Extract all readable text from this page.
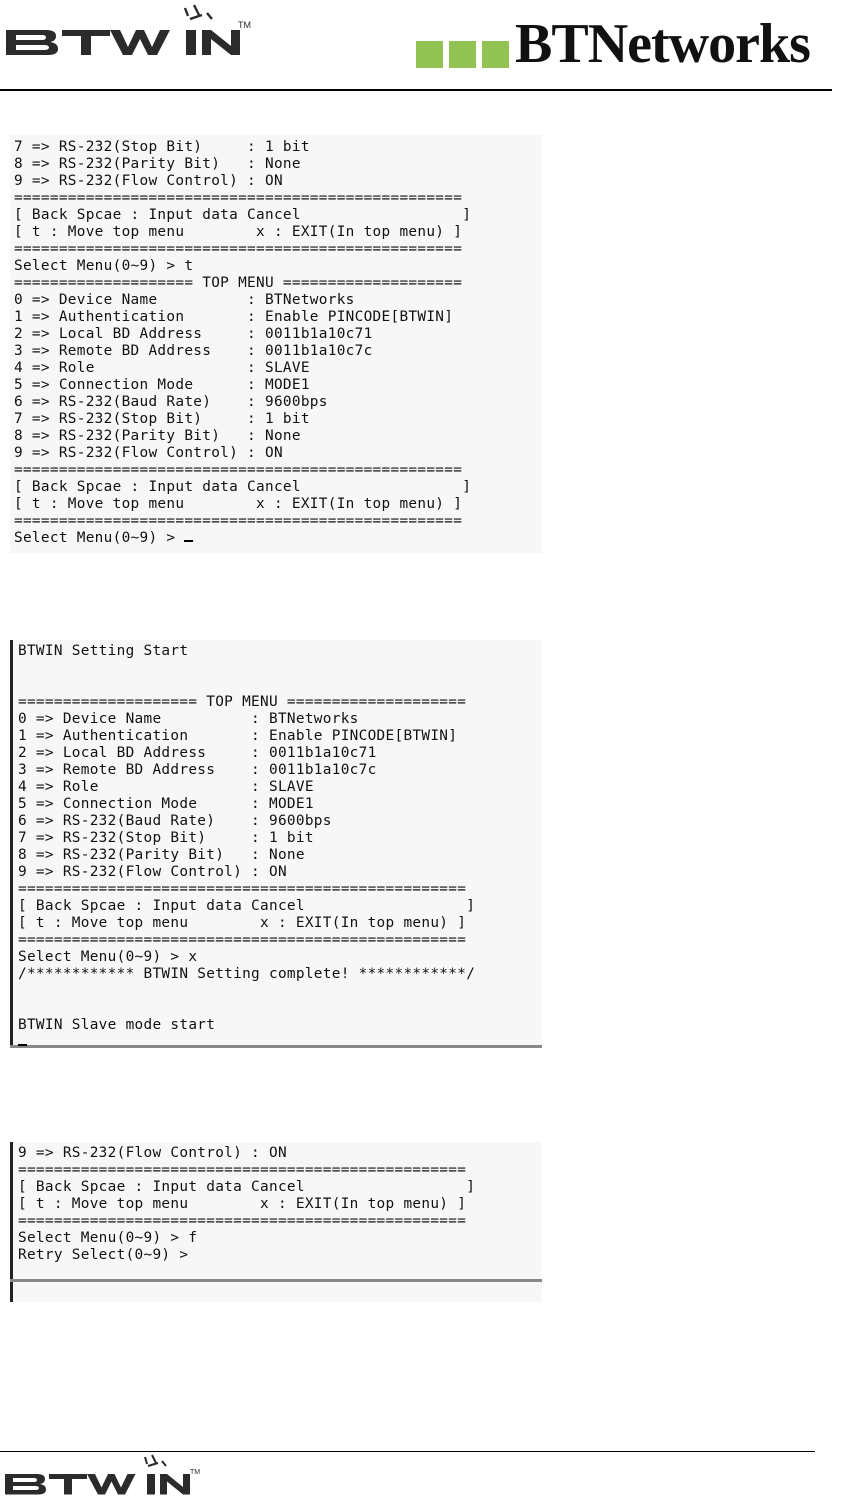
TM	BTNetworks
7 => RS-232(Stop Bit)     : 1 bit
8 => RS-232(Parity Bit)   : None
9 => RS-232(Flow Control) : ON
==================================================
[ Back Spcae : Input data Cancel                  ]
[ t : Move top menu        x : EXIT(In top menu) ]
==================================================
Select Menu(0~9) > t
==================== TOP MENU ====================
0 => Device Name          : BTNetworks
1 => Authentication       : Enable PINCODE[BTWIN]
2 => Local BD Address     : 0011b1a10c71
3 => Remote BD Address    : 0011b1a10c7c
4 => Role                 : SLAVE
5 => Connection Mode      : MODE1
6 => RS-232(Baud Rate)    : 9600bps
7 => RS-232(Stop Bit)     : 1 bit
8 => RS-232(Parity Bit)   : None
9 => RS-232(Flow Control) : ON
==================================================
[ Back Spcae : Input data Cancel                  ]
[ t : Move top menu        x : EXIT(In top menu) ]
==================================================
Select Menu(0~9) >
BTWIN Setting Start
==================== TOP MENU ====================
0 => Device Name          : BTNetworks
1 => Authentication       : Enable PINCODE[BTWIN]
2 => Local BD Address     : 0011b1a10c71
3 => Remote BD Address    : 0011b1a10c7c
4 => Role                 : SLAVE
5 => Connection Mode      : MODE1
6 => RS-232(Baud Rate)    : 9600bps
7 => RS-232(Stop Bit)     : 1 bit
8 => RS-232(Parity Bit)   : None
9 => RS-232(Flow Control) : ON
==================================================
[ Back Spcae : Input data Cancel                  ]
[ t : Move top menu        x : EXIT(In top menu) ]
==================================================
Select Menu(0~9) > x
/************ BTWIN Setting complete! ************/
BTWIN Slave mode start
9 => RS-232(Flow Control) : ON
==================================================
[ Back Spcae : Input data Cancel                  ]
[ t : Move top menu        x : EXIT(In top menu) ]
==================================================
Select Menu(0~9) > f
Retry Select(0~9) >
TM
